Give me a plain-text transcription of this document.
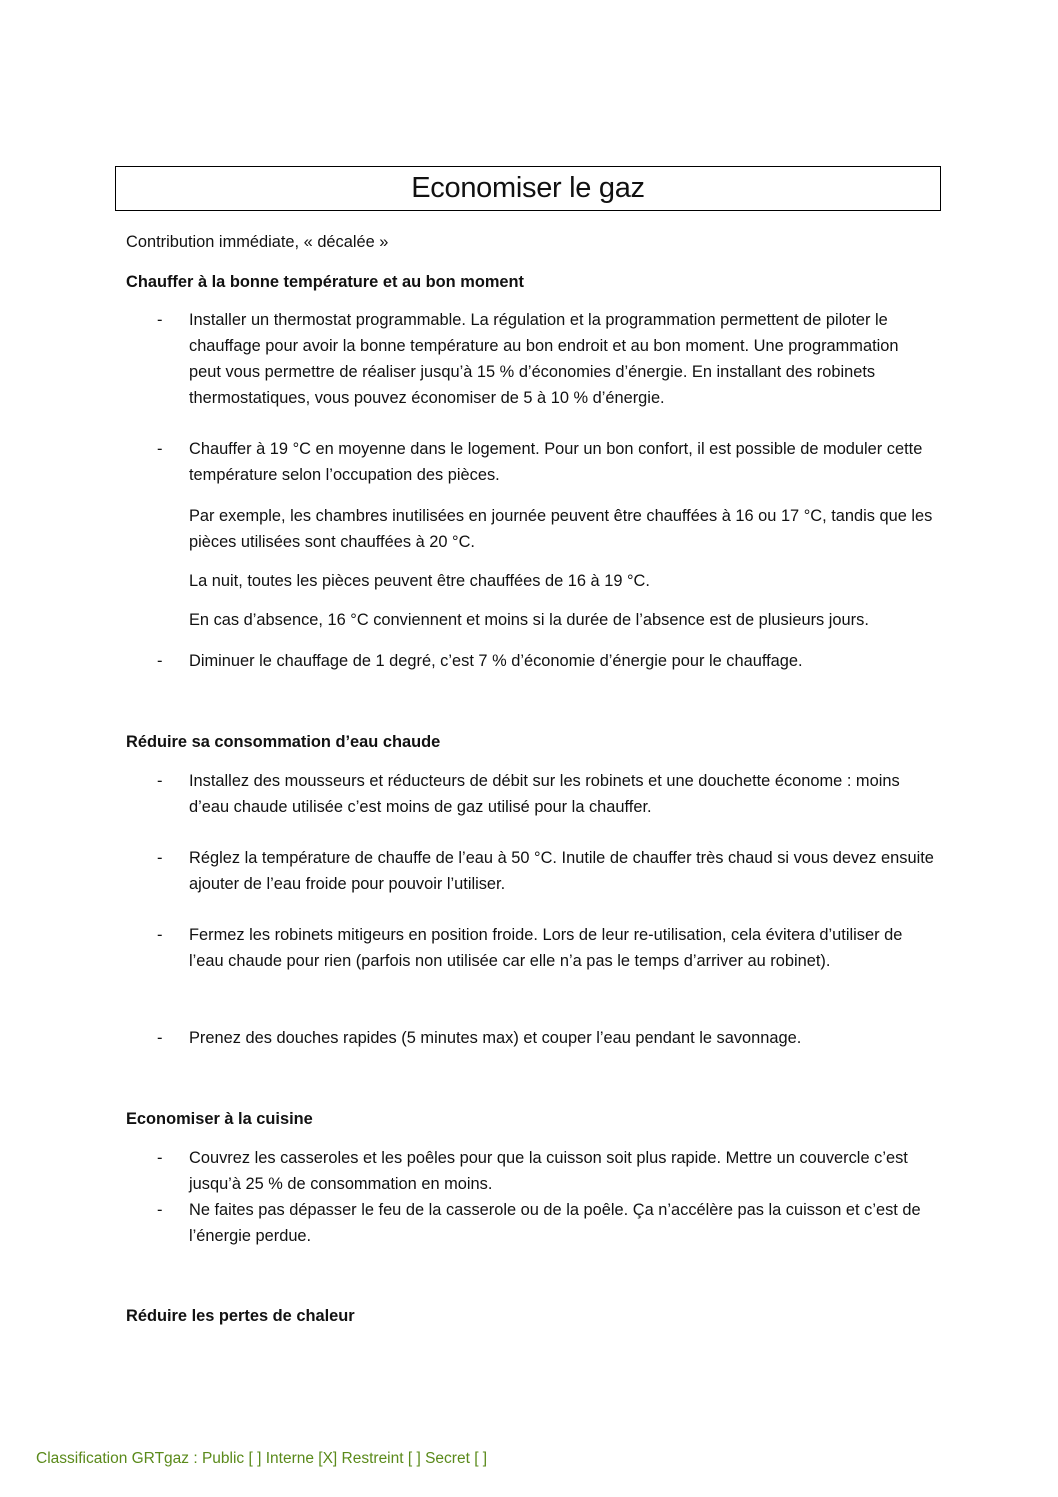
Economiser le gaz
Contribution immédiate, « décalée »
Chauffer à la bonne température et au bon moment
- Installer un thermostat programmable. La régulation et la programmation permettent de piloter le chauffage pour avoir la bonne température au bon endroit et au bon moment. Une programmation peut vous permettre de réaliser jusqu’à 15 % d’économies d’énergie. En installant des robinets thermostatiques, vous pouvez économiser de 5 à 10 % d’énergie.
- Chauffer à 19 °C en moyenne dans le logement. Pour un bon confort, il est possible de moduler cette température selon l’occupation des pièces.
Par exemple, les chambres inutilisées en journée peuvent être chauffées à 16 ou 17 °C, tandis que les pièces utilisées sont chauffées à 20 °C.
La nuit, toutes les pièces peuvent être chauffées de 16 à 19 °C.
En cas d’absence, 16 °C conviennent et moins si la durée de l’absence est de plusieurs jours.
- Diminuer le chauffage de 1 degré, c’est 7 % d’économie d’énergie pour le chauffage.
Réduire sa consommation d’eau chaude
- Installez des mousseurs et réducteurs de débit sur les robinets et une douchette économe : moins d’eau chaude utilisée c’est moins de gaz utilisé pour la chauffer.
- Réglez la température de chauffe de l’eau à 50 °C. Inutile de chauffer très chaud si vous devez ensuite ajouter de l’eau froide pour pouvoir l’utiliser.
- Fermez les robinets mitigeurs en position froide. Lors de leur re-utilisation, cela évitera d’utiliser de l’eau chaude pour rien (parfois non utilisée car elle n’a pas le temps d’arriver au robinet).
- Prenez des douches rapides (5 minutes max) et couper l’eau pendant le savonnage.
Economiser à la cuisine
- Couvrez les casseroles et les poêles pour que la cuisson soit plus rapide. Mettre un couvercle c’est jusqu’à 25 % de consommation en moins.
- Ne faites pas dépasser le feu de la casserole ou de la poêle. Ça n’accélère pas la cuisson et c’est de l’énergie perdue.
Réduire les pertes de chaleur
Classification GRTgaz : Public [ ] Interne [X] Restreint [ ] Secret [ ]
